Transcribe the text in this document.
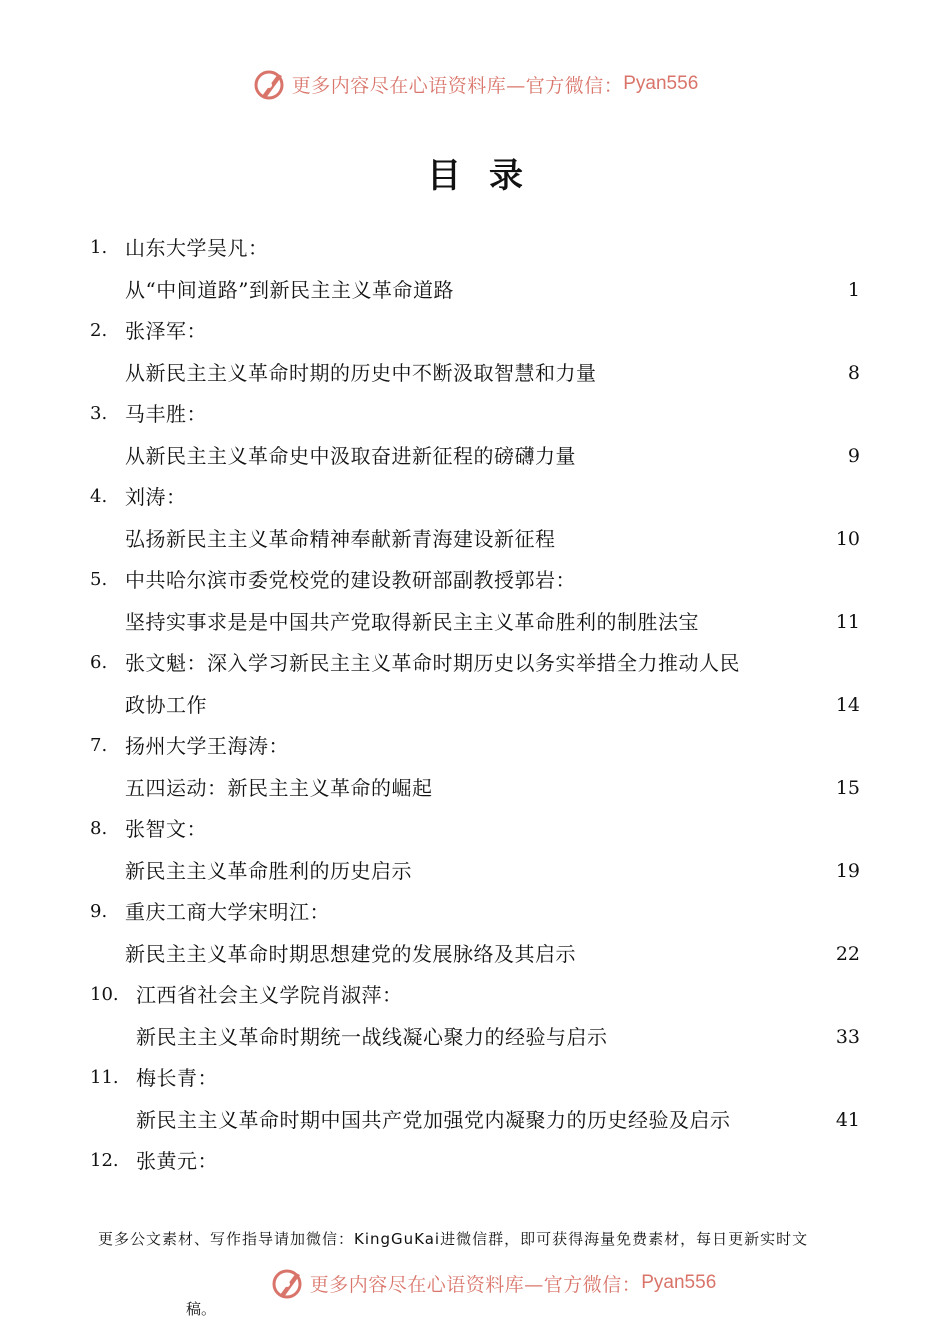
更多内容尽在心语资料库—官方微信： Pyan556
目录
1. 山东大学吴凡：
从“中间道路”到新民主主义革命道路	1
2. 张泽军：
从新民主主义革命时期的历史中不断汲取智慧和力量	8
3. 马丰胜：
从新民主主义革命史中汲取奋进新征程的磅礴力量	9
4. 刘涛：
弘扬新民主主义革命精神奉献新青海建设新征程	10
5. 中共哈尔滨市委党校党的建设教研部副教授郭岩：
坚持实事求是是中国共产党取得新民主主义革命胜利的制胜法宝	11
6. 张文魁：深入学习新民主主义革命时期历史以务实举措全力推动人民
政协工作	14
7. 扬州大学王海涛：
五四运动：新民主主义革命的崛起	15
8. 张智文：
新民主主义革命胜利的历史启示	19
9. 重庆工商大学宋明江：
新民主主义革命时期思想建党的发展脉络及其启示	22
10. 江西省社会主义学院肖淑萍：
新民主主义革命时期统一战线凝心聚力的经验与启示	33
11. 梅长青：
新民主主义革命时期中国共产党加强党内凝聚力的历史经验及启示	41
12. 张黄元：
更多公文素材、写作指导请加微信：KingGuKai进微信群，即可获得海量免费素材，每日更新实时文
更多内容尽在心语资料库—官方微信： Pyan556
稿。
